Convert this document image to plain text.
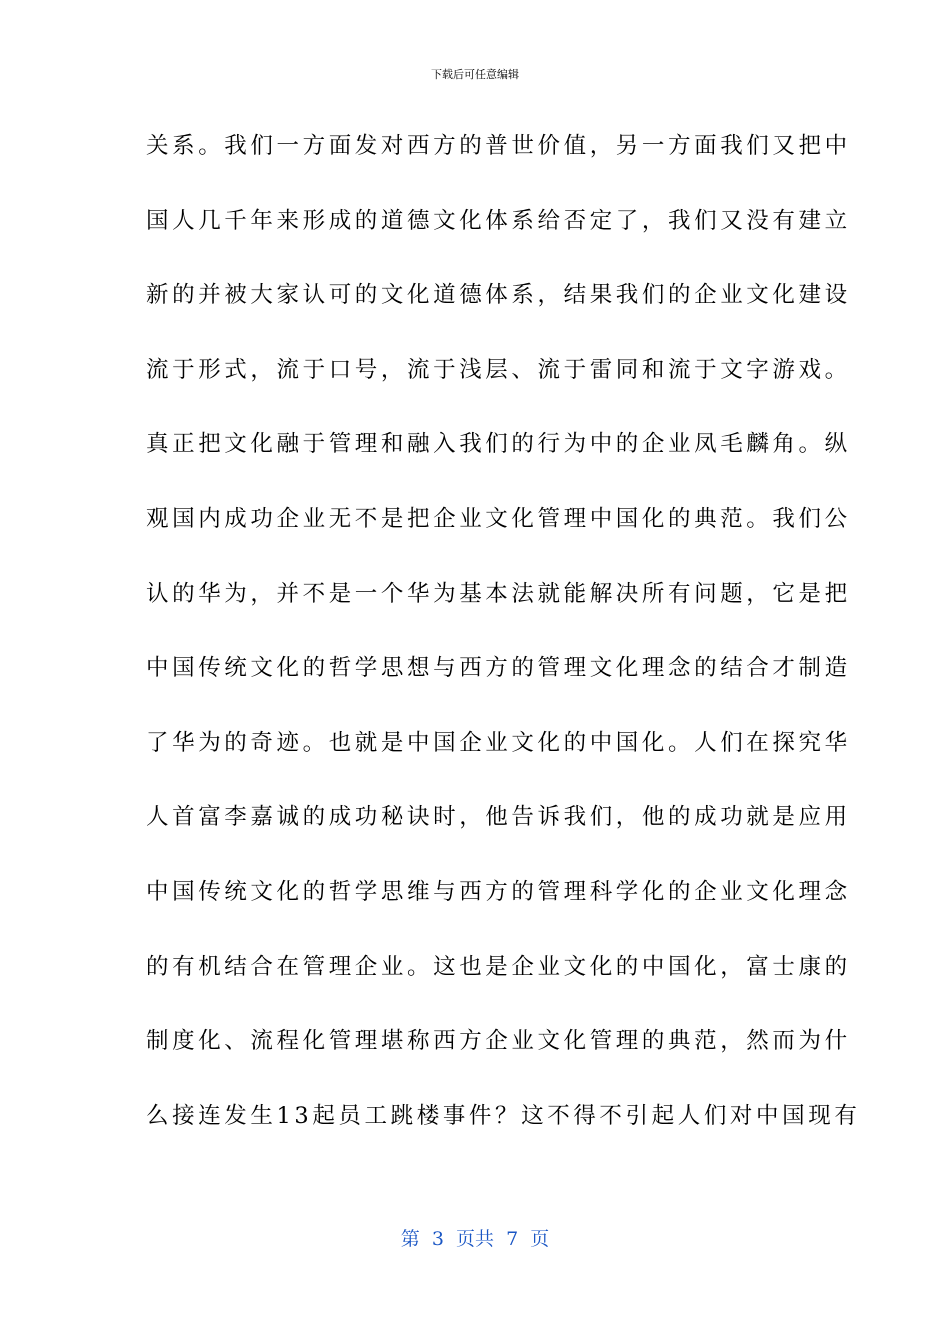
下载后可任意编辑
关系。我们一方面发对西方的普世价值，另一方面我们又把中
国人几千年来形成的道德文化体系给否定了，我们又没有建立
新的并被大家认可的文化道德体系，结果我们的企业文化建设
流于形式，流于口号，流于浅层、流于雷同和流于文字游戏。
真正把文化融于管理和融入我们的行为中的企业凤毛麟角。纵
观国内成功企业无不是把企业文化管理中国化的典范。我们公
认的华为，并不是一个华为基本法就能解决所有问题，它是把
中国传统文化的哲学思想与西方的管理文化理念的结合才制造
了华为的奇迹。也就是中国企业文化的中国化。人们在探究华
人首富李嘉诚的成功秘诀时，他告诉我们，他的成功就是应用
中国传统文化的哲学思维与西方的管理科学化的企业文化理念
的有机结合在管理企业。这也是企业文化的中国化，富士康的
制度化、流程化管理堪称西方企业文化管理的典范，然而为什
么接连发生13起员工跳楼事件？这不得不引起人们对中国现有
第  3  页共  7  页
